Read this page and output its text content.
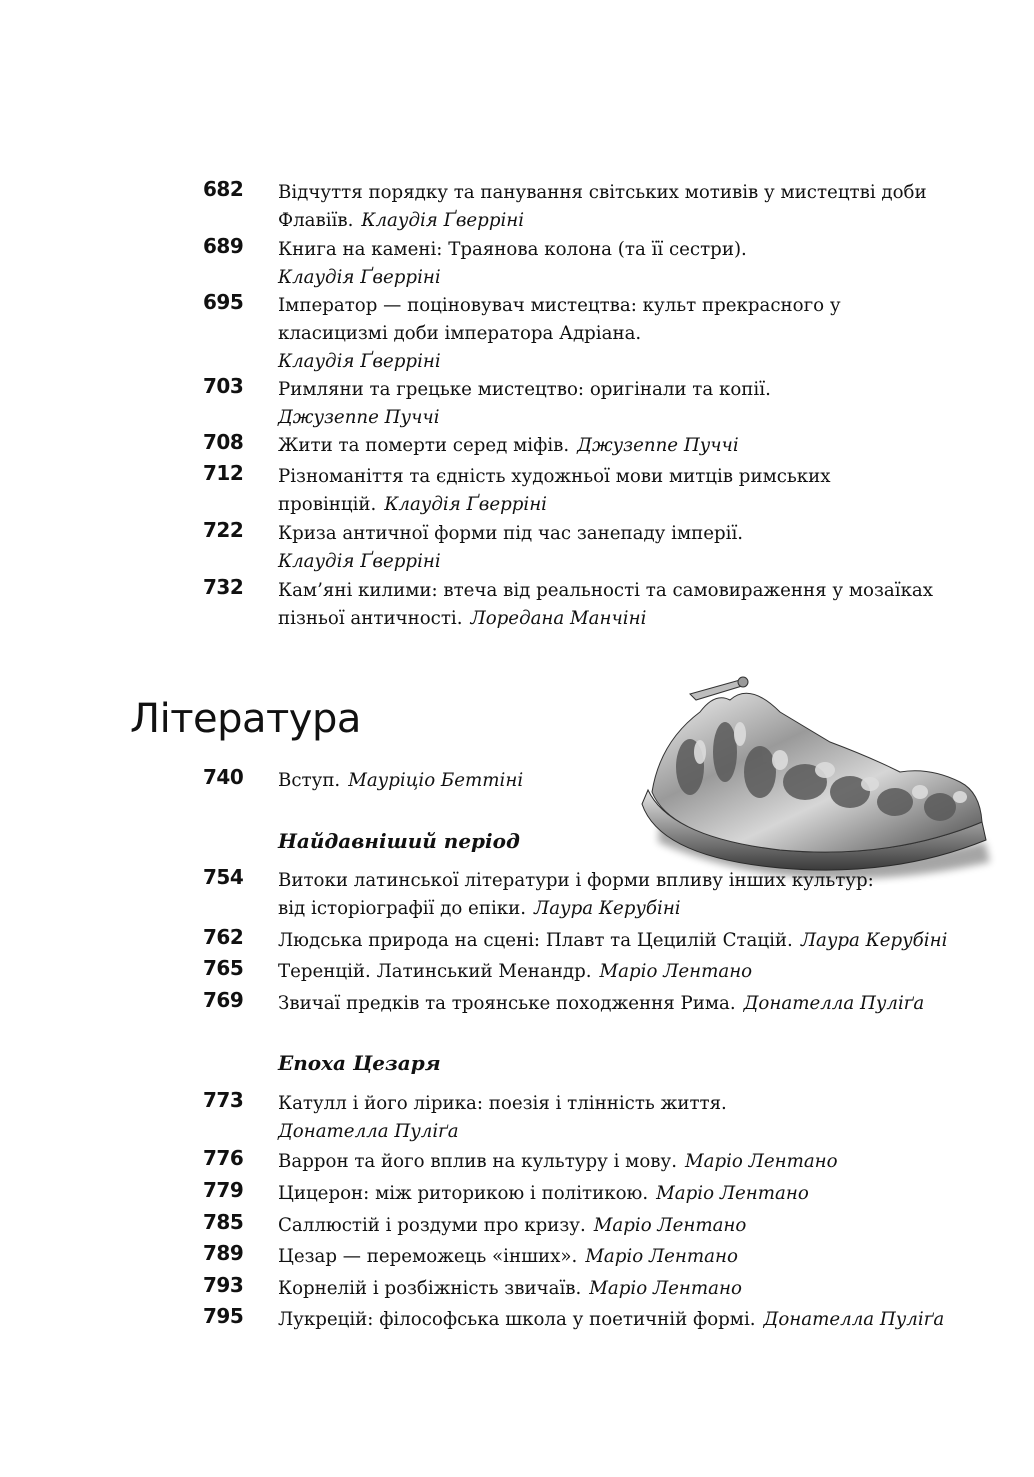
682 Відчуття порядку та панування світських мотивів у мистецтві доби
Флавіїв. Клаудія Ґверріні
689 Книга на камені: Траянова колона (та її сестри).
Клаудія Ґверріні
695 Імператор — поціновувач мистецтва: культ прекрасного у
класицизмі доби імператора Адріана.
Клаудія Ґверріні
703 Римляни та грецьке мистецтво: оригінали та копії.
Джузеппе Пуччі
708 Жити та померти серед міфів. Джузеппе Пуччі
712 Різноманіття та єдність художньої мови митців римських
провінцій. Клаудія Ґверріні
722 Криза античної форми під час занепаду імперії.
Клаудія Ґверріні
732 Кам’яні килими: втеча від реальності та самовираження у мозаїках
пізньої античності. Лоредана Манчіні
Література
740 Вступ. Мауріціо Беттіні
Найдавніший період
754 Витоки латинської літератури і форми впливу інших культур:
від історіографії до епіки. Лаура Керубіні
762 Людська природа на сцені: Плавт та Цецилій Стацій. Лаура Керубіні
765 Теренцій. Латинський Менандр. Маріо Лентано
769 Звичаї предків та троянське походження Рима. Донателла Пуліґа
Епоха Цезаря
773 Катулл і його лірика: поезія і тлінність життя.
Донателла Пуліґа
776 Варрон та його вплив на культуру і мову. Маріо Лентано
779 Цицерон: між риторикою і політикою. Маріо Лентано
785 Саллюстій і роздуми про кризу. Маріо Лентано
789 Цезар — переможець «інших». Маріо Лентано
793 Корнелій і розбіжність звичаїв. Маріо Лентано
795 Лукрецій: філософська школа у поетичній формі. Донателла Пуліґа
